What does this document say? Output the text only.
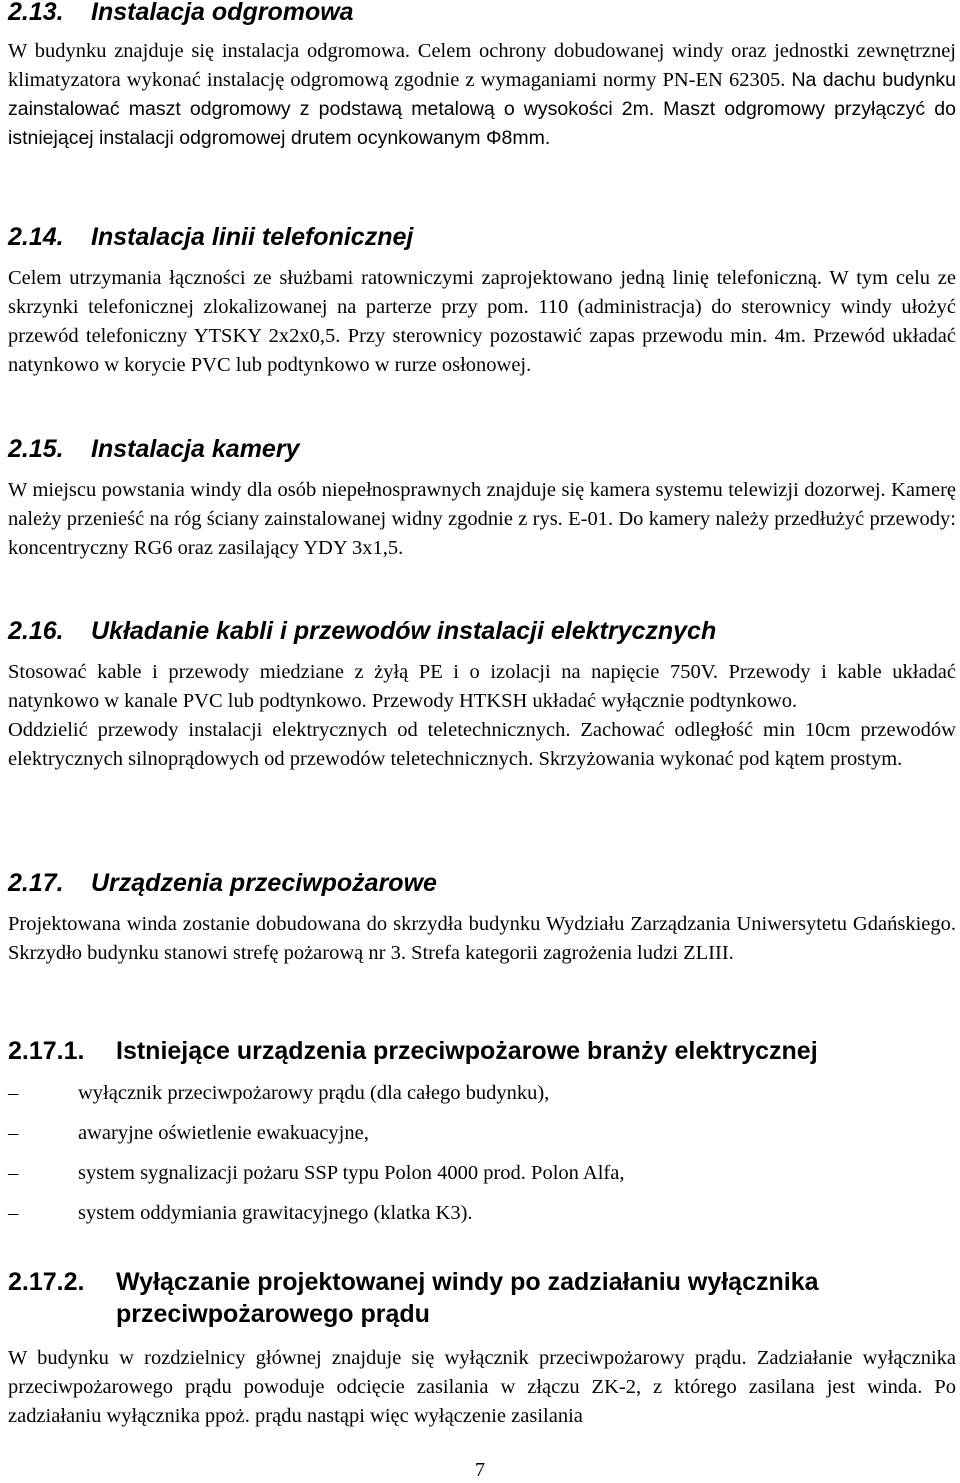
2.13.	Instalacja odgromowa

W budynku znajduje się instalacja odgromowa. Celem ochrony dobudowanej windy oraz jednostki zewnętrznej klimatyzatora wykonać instalację odgromową zgodnie z wymaganiami normy PN-EN 62305. Na dachu budynku zainstalować maszt odgromowy z podstawą metalową o wysokości 2m. Maszt odgromowy przyłączyć do istniejącej instalacji odgromowej drutem ocynkowanym Φ8mm.

2.14.	Instalacja linii telefonicznej

Celem utrzymania łączności ze służbami ratowniczymi zaprojektowano jedną linię telefoniczną. W tym celu ze skrzynki telefonicznej zlokalizowanej na parterze przy pom. 110 (administracja) do sterownicy windy ułożyć przewód telefoniczny YTSKY 2x2x0,5. Przy sterownicy pozostawić zapas przewodu min. 4m. Przewód układać natynkowo w korycie PVC lub podtynkowo w rurze osłonowej.

2.15.	Instalacja kamery

W miejscu powstania windy dla osób niepełnosprawnych znajduje się kamera systemu telewizji dozorwej. Kamerę należy przenieść na róg ściany zainstalowanej widny zgodnie z rys. E-01. Do kamery należy przedłużyć przewody: koncentryczny RG6 oraz zasilający YDY 3x1,5.

2.16.	Układanie kabli i przewodów instalacji elektrycznych

Stosować kable i przewody miedziane z żyłą PE i o izolacji na napięcie 750V. Przewody i kable układać natynkowo w kanale PVC lub podtynkowo. Przewody HTKSH układać wyłącznie podtynkowo.

Oddzielić przewody instalacji elektrycznych od teletechnicznych. Zachować odległość min 10cm przewodów elektrycznych silnoprądowych od przewodów teletechnicznych. Skrzyżowania wykonać pod kątem prostym.

2.17.	Urządzenia przeciwpożarowe

Projektowana winda zostanie dobudowana do skrzydła budynku Wydziału Zarządzania Uniwersytetu Gdańskiego. Skrzydło budynku stanowi strefę pożarową nr 3. Strefa kategorii zagrożenia ludzi ZLIII.

2.17.1.	Istniejące urządzenia przeciwpożarowe branży elektrycznej
–	wyłącznik przeciwpożarowy prądu (dla całego budynku),
–	awaryjne oświetlenie ewakuacyjne,
–	system sygnalizacji pożaru SSP typu Polon 4000 prod. Polon Alfa,
–	system oddymiania grawitacyjnego (klatka K3).
2.17.2.	Wyłączanie projektowanej windy po zadziałaniu wyłącznika przeciwpożarowego prądu

W budynku w rozdzielnicy głównej znajduje się wyłącznik przeciwpożarowy prądu. Zadziałanie wyłącznika przeciwpożarowego prądu powoduje odcięcie zasilania w złączu ZK-2, z którego zasilana jest winda. Po zadziałaniu wyłącznika ppoż. prądu nastąpi więc wyłączenie zasilania

7
